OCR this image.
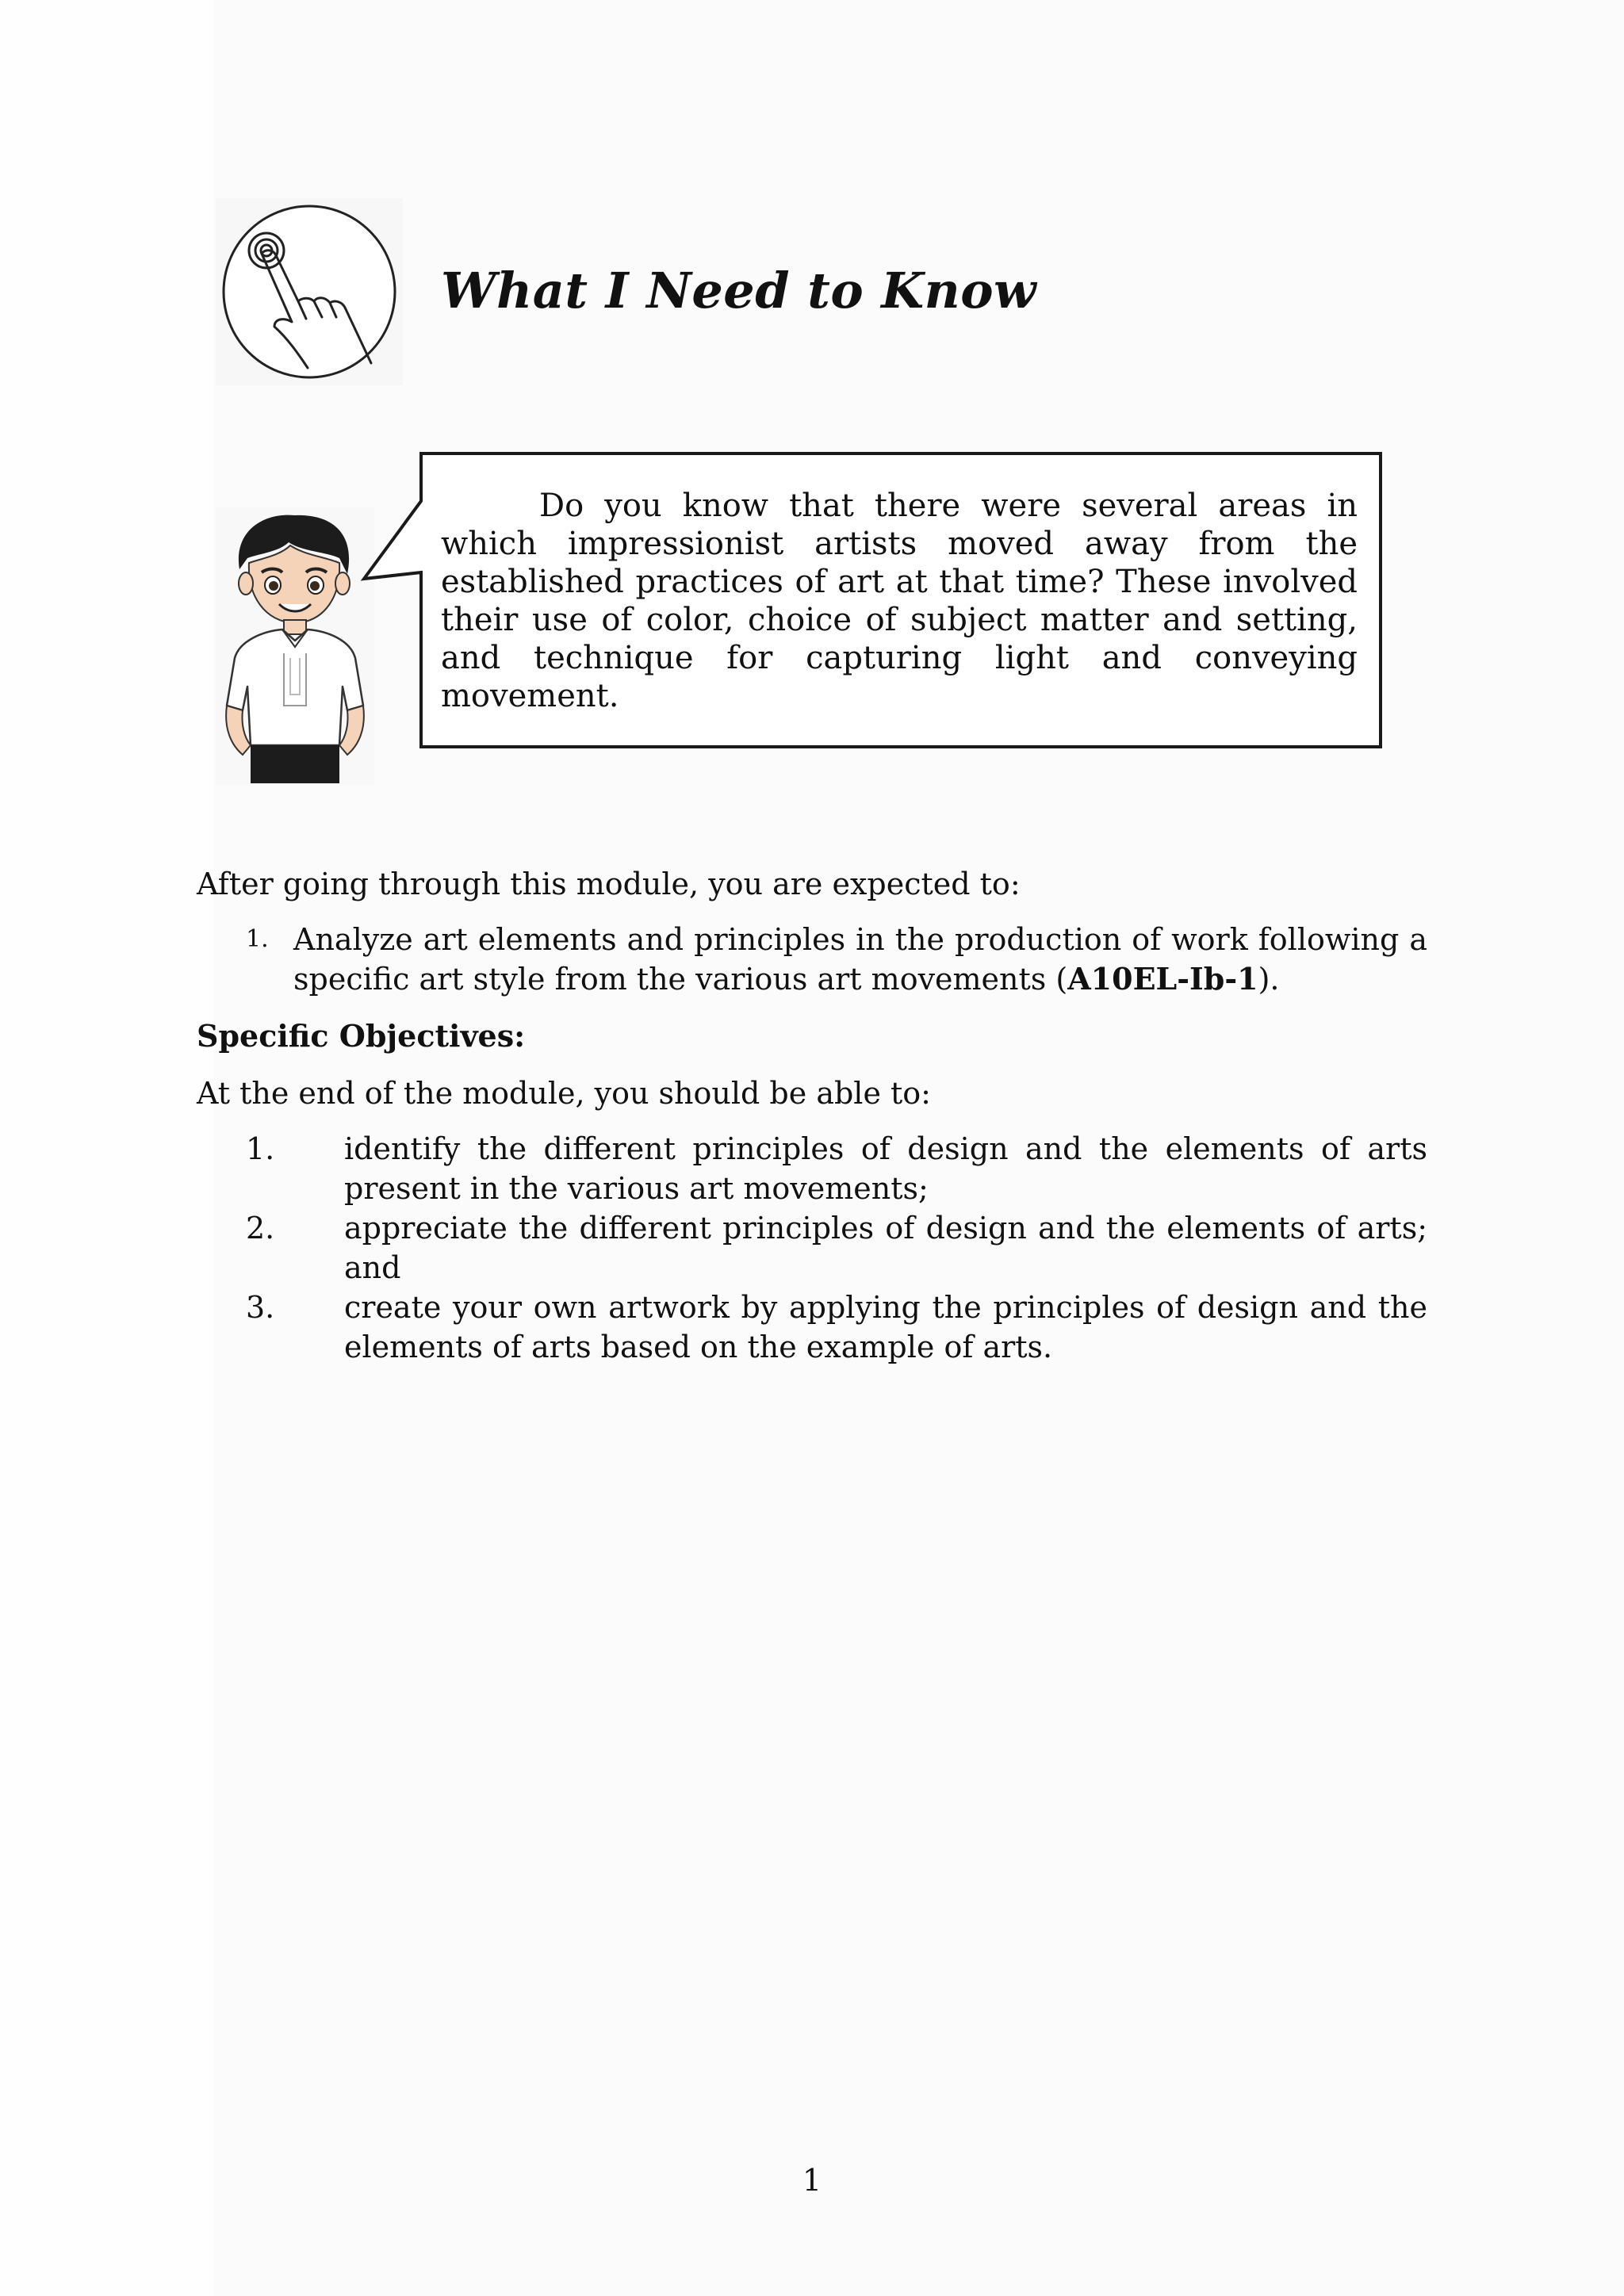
What I Need to Know

Do you know that there were several areas in which impressionist artists moved away from the established practices of art at that time? These involved their use of color, choice of subject matter and setting, and technique for capturing light and conveying movement.

After going through this module, you are expected to:

1. Analyze art elements and principles in the production of work following a specific art style from the various art movements (A10EL-Ib-1).

Specific Objectives:

At the end of the module, you should be able to:

1.	identify the different principles of design and the elements of arts present in the various art movements;
2.	appreciate the different principles of design and the elements of arts; and
3.	create your own artwork by applying the principles of design and the elements of arts based on the example of arts.

1
